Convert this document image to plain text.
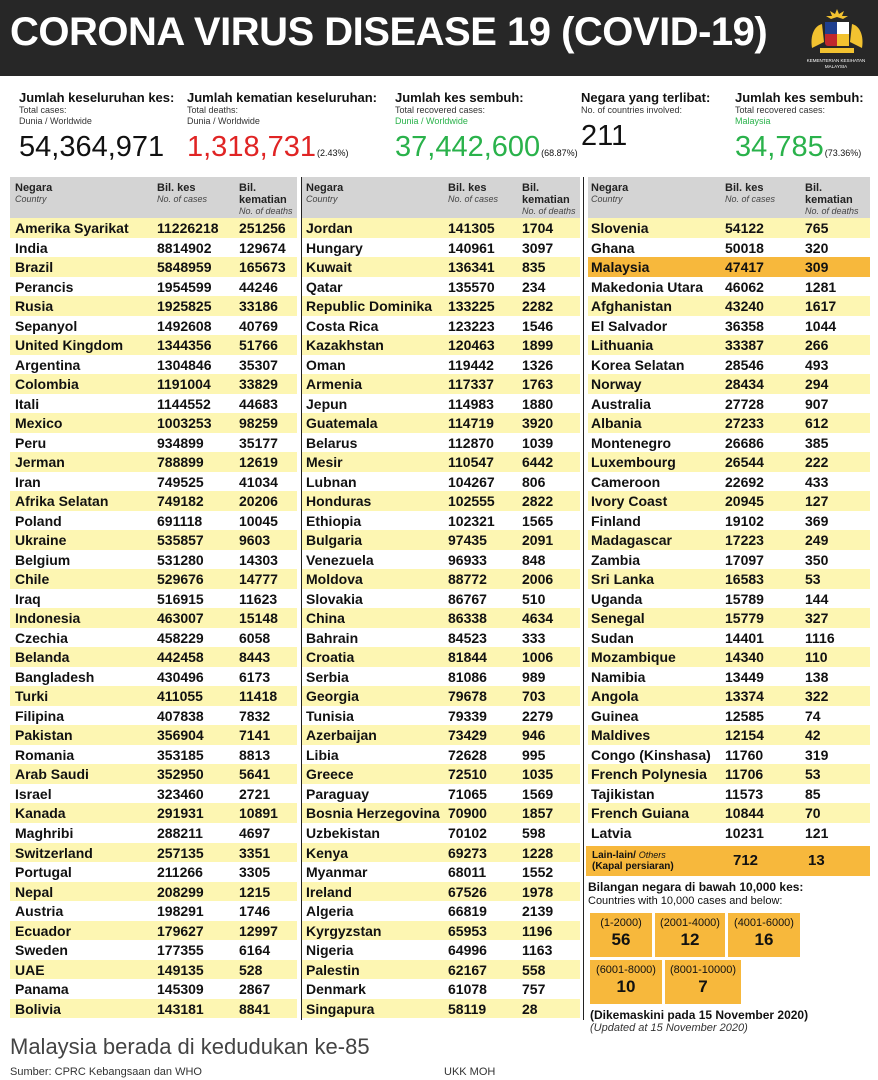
CORONA VIRUS DISEASE 19 (COVID-19)
KEMENTERIAN KESIHATAN MALAYSIA
Jumlah keseluruhan kes:
Total cases:
Dunia / Worldwide
54,364,971
Jumlah kematian keseluruhan:
Total deaths:
Dunia / Worldwide
1,318,731(2.43%)
Jumlah kes sembuh:
Total recovered cases:
Dunia / Worldwide
37,442,600(68.87%)
Negara yang terlibat:
No. of countries involved:
211
Jumlah kes sembuh:
Total recovered cases:
Malaysia
34,785(73.36%)
Negara
Country
Bil. kes
No. of cases
Bil. kematian
No. of deaths
Amerika Syarikat 11226218 251256
India	8814902 129674
Brazil	5848959 165673
Perancis	1954599 44246
Rusia	1925825 33186
Sepanyol	1492608 40769
United Kingdom 1344356 51766
Argentina	1304846 35307
Colombia	1191004 33829
Itali	1144552 44683
Mexico	1003253 98259
Peru	934899	35177
Jerman	788899	12619
Iran	749525	41034
Afrika Selatan	749182	20206
Poland	691118	10045
Ukraine	535857	9603
Belgium	531280	14303
Chile	529676	14777
Iraq	516915	11623
Indonesia	463007	15148
Czechia	458229	6058
Belanda	442458	8443
Bangladesh	430496	6173
Turki	411055	11418
Filipina	407838	7832
Pakistan	356904	7141
Romania	353185	8813
Arab Saudi	352950	5641
Israel	323460	2721
Kanada	291931	10891
Maghribi	288211	4697
Switzerland	257135	3351
Portugal	211266	3305
Nepal	208299	1215
Austria	198291	1746
Ecuador	179627	12997
Sweden	177355	6164
UAE	149135	528
Panama	145309	2867
Bolivia	143181	8841
Negara
Country
Bil. kes
No. of cases
Bil. kematian
No. of deaths
Jordan	141305 1704
Hungary	140961 3097
Kuwait	136341 835
Qatar	135570 234
Republic Dominika 133225 2282
Costa Rica	123223 1546
Kazakhstan	120463 1899
Oman	119442 1326
Armenia	117337 1763
Jepun	114983 1880
Guatemala	114719 3920
Belarus	112870 1039
Mesir	110547 6442
Lubnan	104267 806
Honduras	102555 2822
Ethiopia	102321 1565
Bulgaria	97435	2091
Venezuela	96933	848
Moldova	88772	2006
Slovakia	86767	510
China	86338	4634
Bahrain	84523	333
Croatia	81844	1006
Serbia	81086	989
Georgia	79678	703
Tunisia	79339	2279
Azerbaijan	73429	946
Libia	72628	995
Greece	72510	1035
Paraguay	71065	1569
Bosnia Herzegovina 70900	1857
Uzbekistan	70102	598
Kenya	69273	1228
Myanmar	68011	1552
Ireland	67526	1978
Algeria	66819	2139
Kyrgyzstan	65953	1196
Nigeria	64996	1163
Palestin	62167	558
Denmark	61078	757
Singapura	58119	28
Negara
Country
Bil. kes
No. of cases
Bil. kematian
No. of deaths
Slovenia	54122	765
Ghana	50018	320
Malaysia	47417	309
Makedonia Utara 46062	1281
Afghanistan	43240	1617
El Salvador	36358	1044
Lithuania	33387	266
Korea Selatan	28546	493
Norway	28434	294
Australia	27728	907
Albania	27233	612
Montenegro	26686	385
Luxembourg	26544	222
Cameroon	22692	433
Ivory Coast	20945	127
Finland	19102	369
Madagascar	17223	249
Zambia	17097	350
Sri Lanka	16583	53
Uganda	15789	144
Senegal	15779	327
Sudan	14401	1116
Mozambique	14340	110
Namibia	13449	138
Angola	13374	322
Guinea	12585	74
Maldives	12154	42
Congo (Kinshasa) 11760	319
French Polynesia 11706	53
Tajikistan	11573	85
French Guiana	10844	70
Latvia	10231	121
Lain-lain/ Others
(Kapal persiaran)	712	13
Bilangan negara di bawah 10,000 kes:
Countries with 10,000 cases and below:
(1-2000)
56
(2001-4000)
12
(4001-6000)
16
(6001-8000)
10
(8001-10000)
7
(Dikemaskini pada 15 November 2020)
(Updated at 15 November 2020)
Malaysia berada di kedudukan ke-85
Sumber: CPRC Kebangsaan dan WHO	UKK MOH
